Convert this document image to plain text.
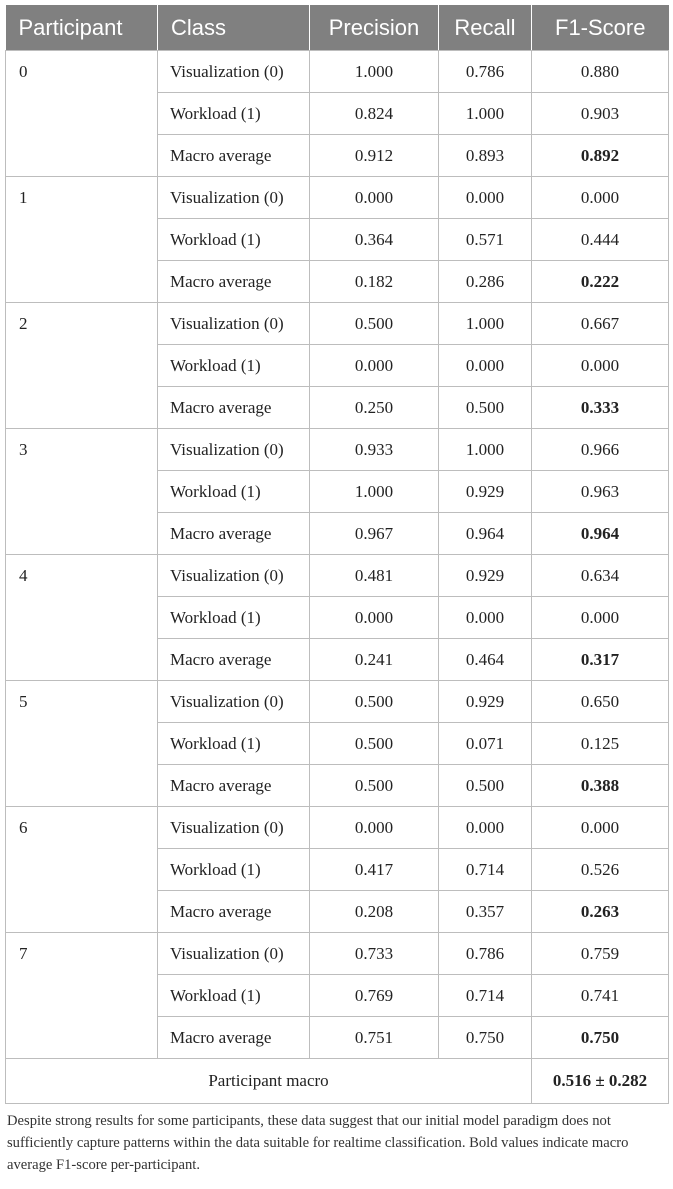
Participant	Class	Precision	Recall	F1-Score
0	Visualization (0)	1.000	0.786	0.880
	Workload (1)	0.824	1.000	0.903
	Macro average	0.912	0.893	0.892
1	Visualization (0)	0.000	0.000	0.000
	Workload (1)	0.364	0.571	0.444
	Macro average	0.182	0.286	0.222
2	Visualization (0)	0.500	1.000	0.667
	Workload (1)	0.000	0.000	0.000
	Macro average	0.250	0.500	0.333
3	Visualization (0)	0.933	1.000	0.966
	Workload (1)	1.000	0.929	0.963
	Macro average	0.967	0.964	0.964
4	Visualization (0)	0.481	0.929	0.634
	Workload (1)	0.000	0.000	0.000
	Macro average	0.241	0.464	0.317
5	Visualization (0)	0.500	0.929	0.650
	Workload (1)	0.500	0.071	0.125
	Macro average	0.500	0.500	0.388
6	Visualization (0)	0.000	0.000	0.000
	Workload (1)	0.417	0.714	0.526
	Macro average	0.208	0.357	0.263
7	Visualization (0)	0.733	0.786	0.759
	Workload (1)	0.769	0.714	0.741
	Macro average	0.751	0.750	0.750
Participant macro				0.516 ± 0.282
Despite strong results for some participants, these data suggest that our initial model paradigm does not sufficiently capture patterns within the data suitable for realtime classification. Bold values indicate macro average F1-score per-participant.
